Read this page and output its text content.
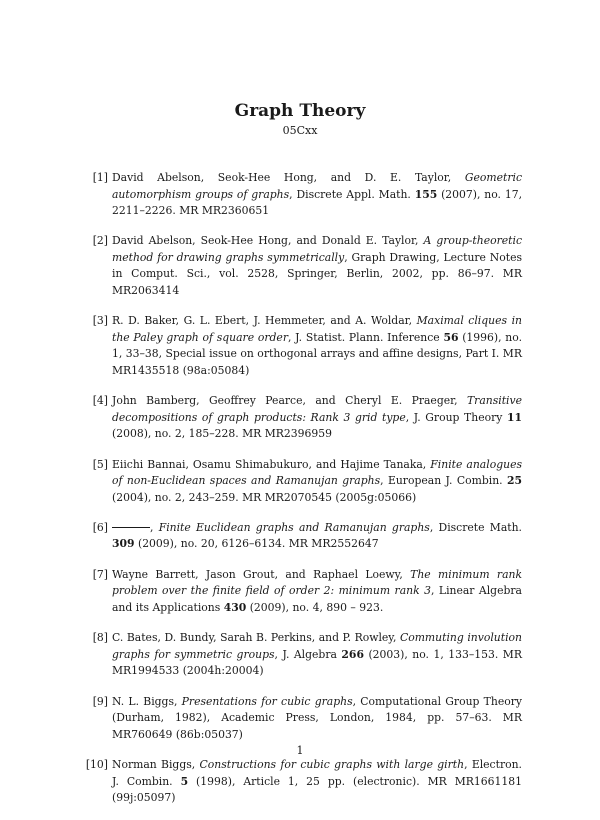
Graph Theory
05Cxx
[1] David Abelson, Seok-Hee Hong, and D. E. Taylor, Geometric automorphism groups of graphs, Discrete Appl. Math. 155 (2007), no. 17, 2211–2226. MR MR2360651
[2] David Abelson, Seok-Hee Hong, and Donald E. Taylor, A group-theoretic method for drawing graphs symmetrically, Graph Drawing, Lecture Notes in Comput. Sci., vol. 2528, Springer, Berlin, 2002, pp. 86–97. MR MR2063414
[3] R. D. Baker, G. L. Ebert, J. Hemmeter, and A. Woldar, Maximal cliques in the Paley graph of square order, J. Statist. Plann. Inference 56 (1996), no. 1, 33–38, Special issue on orthogonal arrays and affine designs, Part I. MR MR1435518 (98a:05084)
[4] John Bamberg, Geoffrey Pearce, and Cheryl E. Praeger, Transitive decompositions of graph products: Rank 3 grid type, J. Group Theory 11 (2008), no. 2, 185–228. MR MR2396959
[5] Eiichi Bannai, Osamu Shimabukuro, and Hajime Tanaka, Finite analogues of non-Euclidean spaces and Ramanujan graphs, European J. Combin. 25 (2004), no. 2, 243–259. MR MR2070545 (2005g:05066)
[6]	, Finite Euclidean graphs and Ramanujan graphs, Discrete Math. 309 (2009), no. 20, 6126–6134. MR MR2552647
[7] Wayne Barrett, Jason Grout, and Raphael Loewy, The minimum rank problem over the finite field of order 2: minimum rank 3, Linear Algebra and its Applications 430 (2009), no. 4, 890 – 923.
[8] C. Bates, D. Bundy, Sarah B. Perkins, and P. Rowley, Commuting involution graphs for symmetric groups, J. Algebra 266 (2003), no. 1, 133–153. MR MR1994533 (2004h:20004)
[9] N. L. Biggs, Presentations for cubic graphs, Computational Group Theory (Durham, 1982), Academic Press, London, 1984, pp. 57–63. MR MR760649 (86b:05037)
[10] Norman Biggs, Constructions for cubic graphs with large girth, Electron. J. Combin. 5 (1998), Article 1, 25 pp. (electronic). MR MR1661181 (99j:05097)
1
